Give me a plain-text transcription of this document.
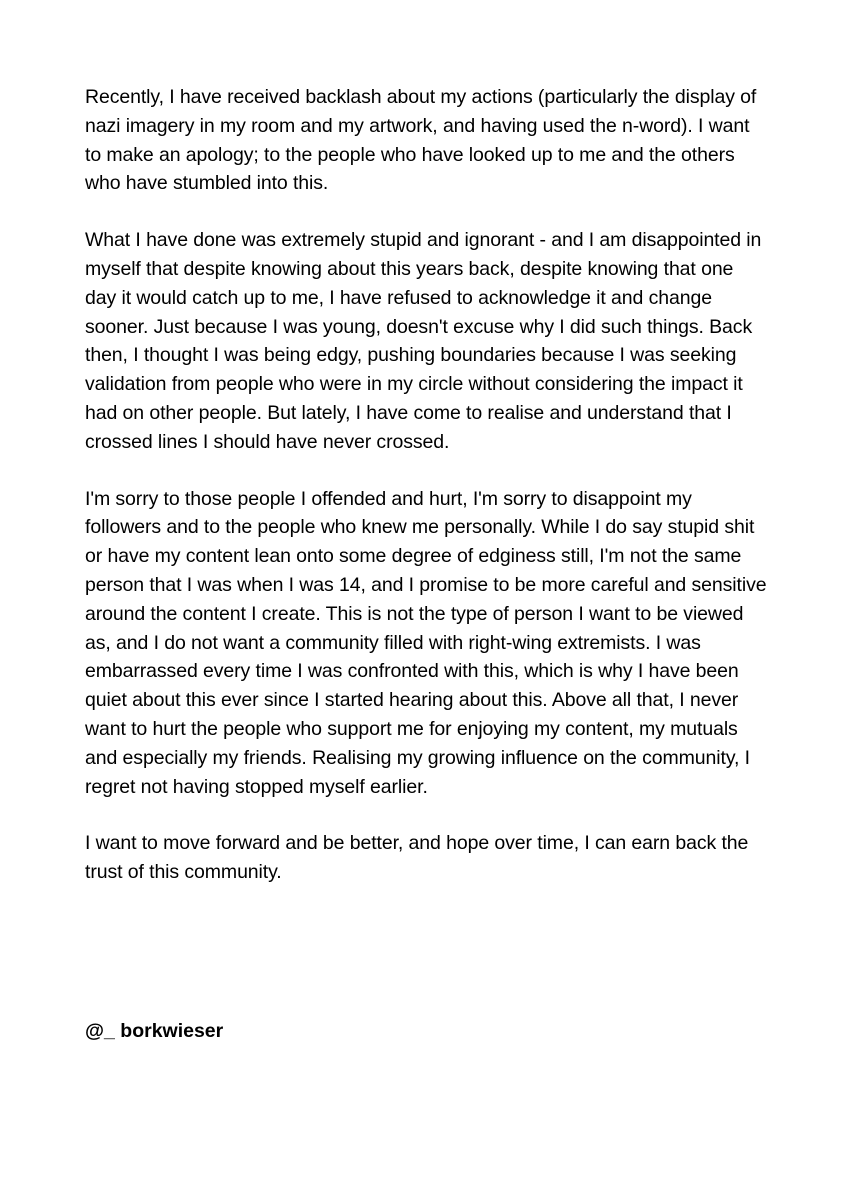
Recently, I have received backlash about my actions (particularly the display of nazi imagery in my room and my artwork, and having used the n-word). I want to make an apology; to the people who have looked up to me and the others who have stumbled into this.

What I have done was extremely stupid and ignorant - and I am disappointed in myself that despite knowing about this years back, despite knowing that one day it would catch up to me, I have refused to acknowledge it and change sooner. Just because I was young, doesn't excuse why I did such things. Back then, I thought I was being edgy, pushing boundaries because I was seeking validation from people who were in my circle without considering the impact it had on other people. But lately, I have come to realise and understand that I crossed lines I should have never crossed.

I'm sorry to those people I offended and hurt, I'm sorry to disappoint my followers and to the people who knew me personally. While I do say stupid shit or have my content lean onto some degree of edginess still, I'm not the same person that I was when I was 14, and I promise to be more careful and sensitive around the content I create. This is not the type of person I want to be viewed as, and I do not want a community filled with right-wing extremists. I was embarrassed every time I was confronted with this, which is why I have been quiet about this ever since I started hearing about this. Above all that, I never want to hurt the people who support me for enjoying my content, my mutuals and especially my friends. Realising my growing influence on the community, I regret not having stopped myself earlier.

I want to move forward and be better, and hope over time, I can earn back the trust of this community.

@_ borkwieser
